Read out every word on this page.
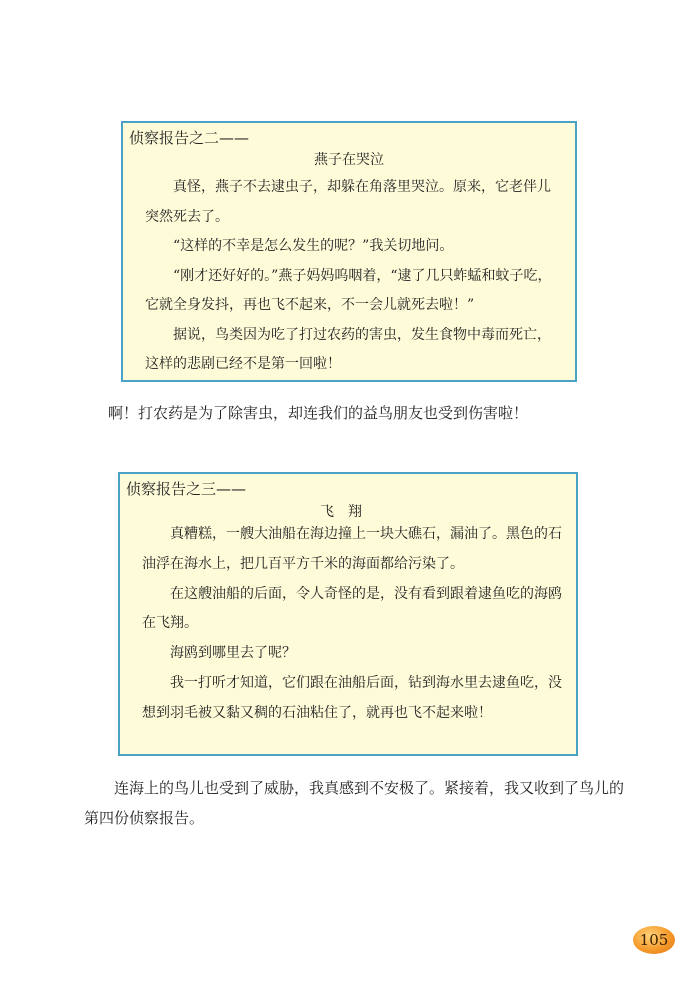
侦察报告之二——
燕子在哭泣

真怪，燕子不去逮虫子，却躲在角落里哭泣。原来，它老伴儿突然死去了。

“这样的不幸是怎么发生的呢？”我关切地问。

“刚才还好好的。”燕子妈妈呜咽着，“逮了几只蚱蜢和蚊子吃，它就全身发抖，再也飞不起来，不一会儿就死去啦！”

据说，鸟类因为吃了打过农药的害虫，发生食物中毒而死亡，这样的悲剧已经不是第一回啦！

啊！打农药是为了除害虫，却连我们的益鸟朋友也受到伤害啦！
侦察报告之三——
飞翔

真糟糕，一艘大油船在海边撞上一块大礁石，漏油了。黑色的石油浮在海水上，把几百平方千米的海面都给污染了。

在这艘油船的后面，令人奇怪的是，没有看到跟着逮鱼吃的海鸥在飞翔。

海鸥到哪里去了呢？

我一打听才知道，它们跟在油船后面，钻到海水里去逮鱼吃，没想到羽毛被又黏又稠的石油粘住了，就再也飞不起来啦！

连海上的鸟儿也受到了威胁，我真感到不安极了。紧接着，我又收到了鸟儿的第四份侦察报告。
105
